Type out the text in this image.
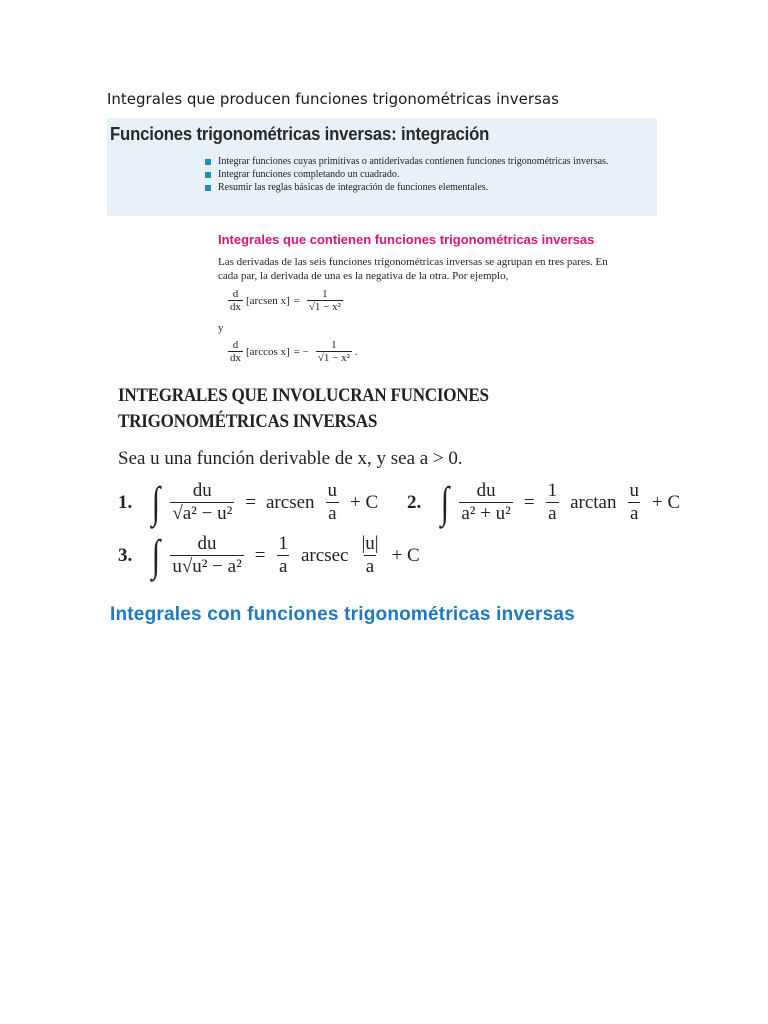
Integrales que producen funciones trigonométricas inversas
Funciones trigonométricas inversas: integración
Integrar funciones cuyas primitivas o antiderivadas contienen funciones trigonométricas inversas.
Integrar funciones completando un cuadrado.
Resumir las reglas básicas de integración de funciones elementales.
Integrales que contienen funciones trigonométricas inversas
Las derivadas de las seis funciones trigonométricas inversas se agrupan en tres pares. En cada par, la derivada de una es la negativa de la otra. Por ejemplo,
$\frac{d}{dx}$ [arcsen $x] = \frac{1}{\text{√1 − x²}}$
y
$\frac{d}{dx} [\arccos$ x] = − $\frac{1}{\text{√1 − x²}}$ .
INTEGRALES QUE INVOLUCRAN FUNCIONES TRIGONOMÉTRICAS INVERSAS
Sea u una función derivable de x, y sea a > 0.
1. ∫ $\frac{du}{\text{√a² − u²}}$ = arcsen $\frac{u}{a} + C$ 2. ∫ $\frac{du}{\text{a² + u²}} = \frac{1}{a}$ $\arctan \frac{u}{a} + C$
3. ∫ $\frac{du}{\text{u√u² − a²}} = \frac{1}{a}$ arcsec $\frac{|u|}{a} + C$
Integrales con funciones trigonométricas inversas
